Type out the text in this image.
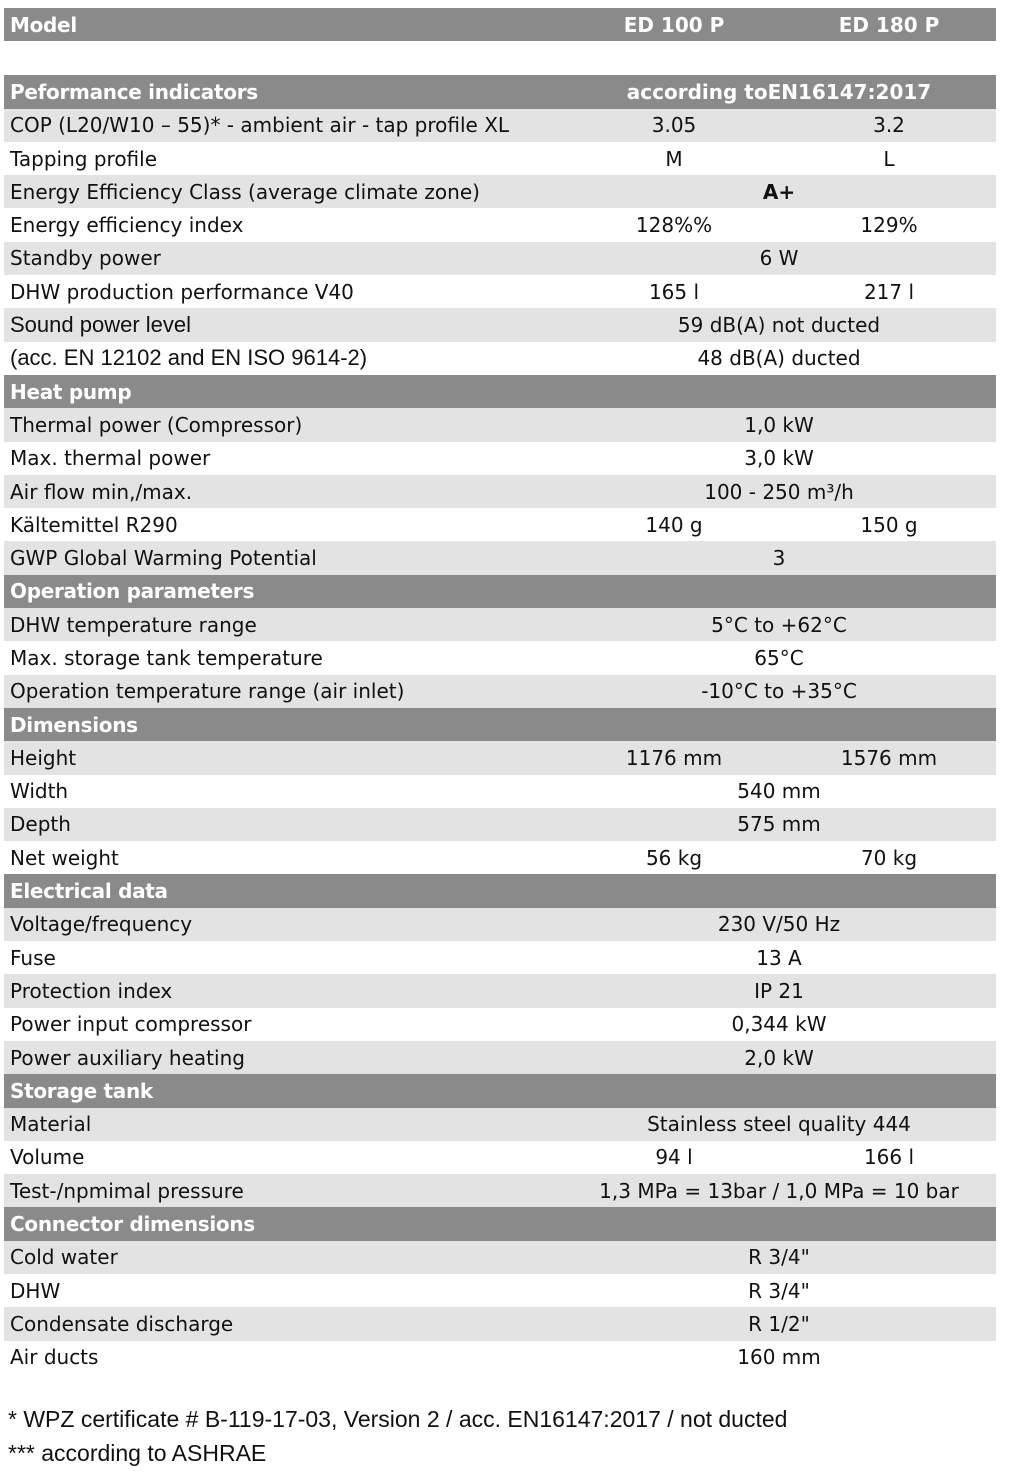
Model	ED 100 P	ED 180 P
Peformance indicators	according toEN16147:2017
COP (L20/W10 – 55)* - ambient air - tap profile XL	3.05	3.2
Tapping profile	M	L
Energy Efficiency Class (average climate zone)	A+
Energy efficiency index	128%%	129%
Standby power	6 W
DHW production performance V40	165 l	217 l
Sound power level	59 dB(A) not ducted
(acc. EN 12102 and EN ISO 9614-2)	48 dB(A) ducted
Heat pump
Thermal power (Compressor)	1,0 kW
Max. thermal power	3,0 kW
Air flow min,/max.	100 - 250 m³/h
Kältemittel R290	140 g	150 g
GWP Global Warming Potential	3
Operation parameters
DHW temperature range	5°C to +62°C
Max. storage tank temperature	65°C
Operation temperature range (air inlet)	-10°C to +35°C
Dimensions
Height	1176 mm	1576 mm
Width	540 mm
Depth	575 mm
Net weight	56 kg	70 kg
Electrical data
Voltage/frequency	230 V/50 Hz
Fuse	13 A
Protection index	IP 21
Power input compressor	0,344 kW
Power auxiliary heating	2,0 kW
Storage tank
Material	Stainless steel quality 444
Volume	94 l	166 l
Test-/npmimal pressure	1,3 MPa = 13bar / 1,0 MPa = 10 bar
Connector dimensions
Cold water	R 3/4"
DHW	R 3/4"
Condensate discharge	R 1/2"
Air ducts	160 mm
* WPZ certificate # B-119-17-03, Version 2 / acc. EN16147:2017 / not ducted
*** according to ASHRAE
